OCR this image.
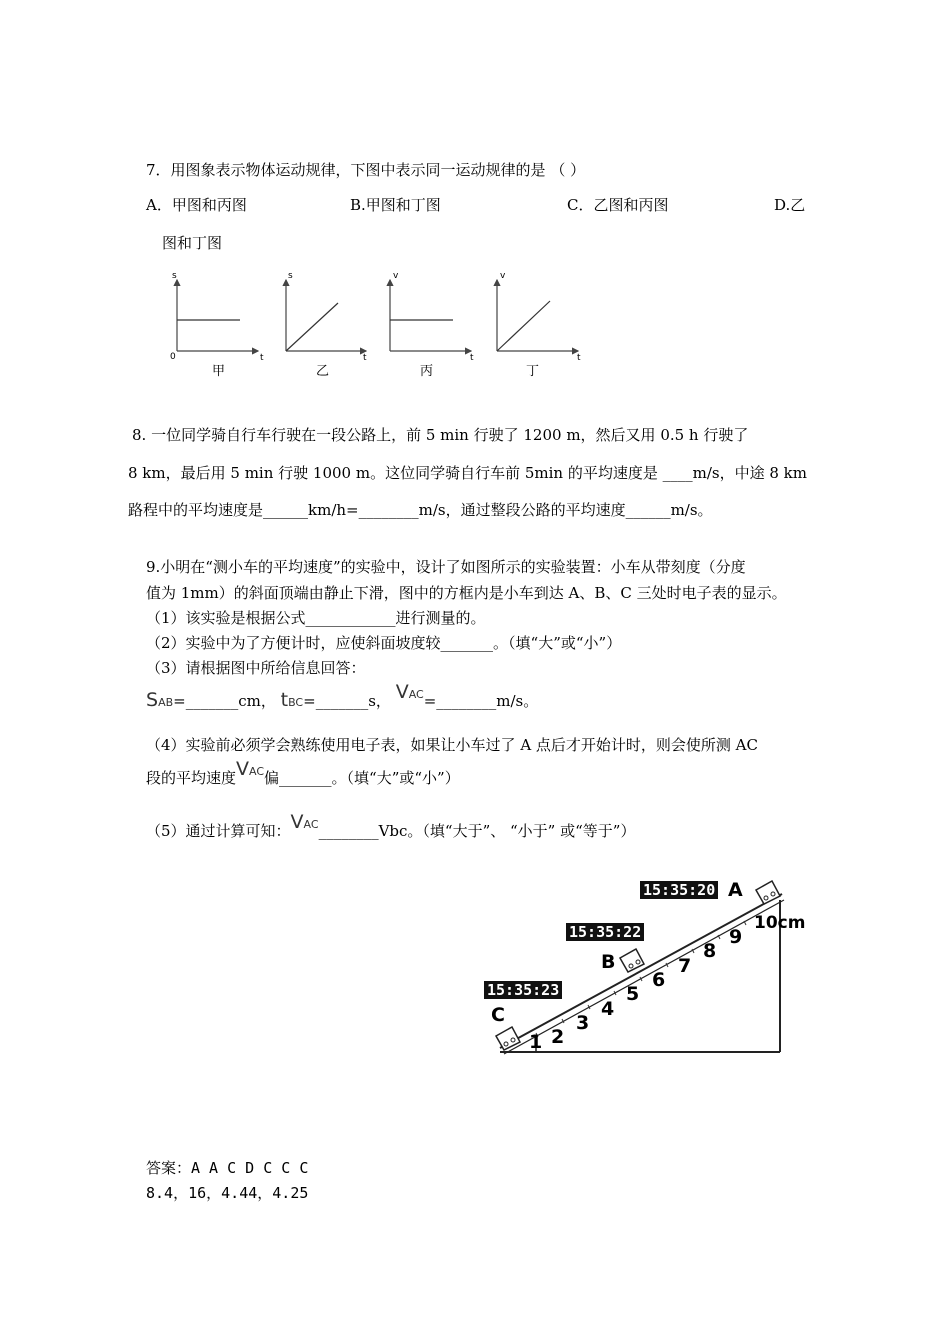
7．用图象表示物体运动规律，下图中表示同一运动规律的是 （ ）
A．甲图和丙图	B.甲图和丁图	C．乙图和丙图	D.乙
图和丁图
s
t
0
甲
s
t
乙
v
t
丙
v
t
丁
8. 一位同学骑自行车行驶在一段公路上，前 5 min 行驶了 1200 m，然后又用 0.5 h 行驶了
8 km，最后用 5 min 行驶 1000 m。这位同学骑自行车前 5min 的平均速度是 ____m/s，中途 8 km
路程中的平均速度是______km/h=________m/s，通过整段公路的平均速度______m/s。
9.小明在“测小车的平均速度”的实验中，设计了如图所示的实验装置：小车从带刻度（分度
值为 1mm）的斜面顶端由静止下滑，图中的方框内是小车到达 A、B、C 三处时电子表的显示。
（1）该实验是根据公式____________进行测量的。
（2）实验中为了方便计时，应使斜面坡度较_______。（填“大”或“小”）
（3）请根据图中所给信息回答：
SAB=_______cm， tBC=_______s， $V^{AC}=\_\_\_\_\_\_\_\_m/s$。
（4）实验前必须学会熟练使用电子表，如果让小车过了 A 点后才开始计时，则会使所测 AC
段的平均速度$V^{AC}$偏_______。（填“大”或“小”）
（5）通过计算可知：$V^{AC}\_\_\_\_\_\_\_\_Vbc$。（填“大于”、 “小于” 或“等于”）
15:35:20
15:35:22
15:35:23
A
B
C
10cm
1 2
3
4
5
6
7
8
9
答案：A A C D C C C
8.4，16，4.44，4.25
